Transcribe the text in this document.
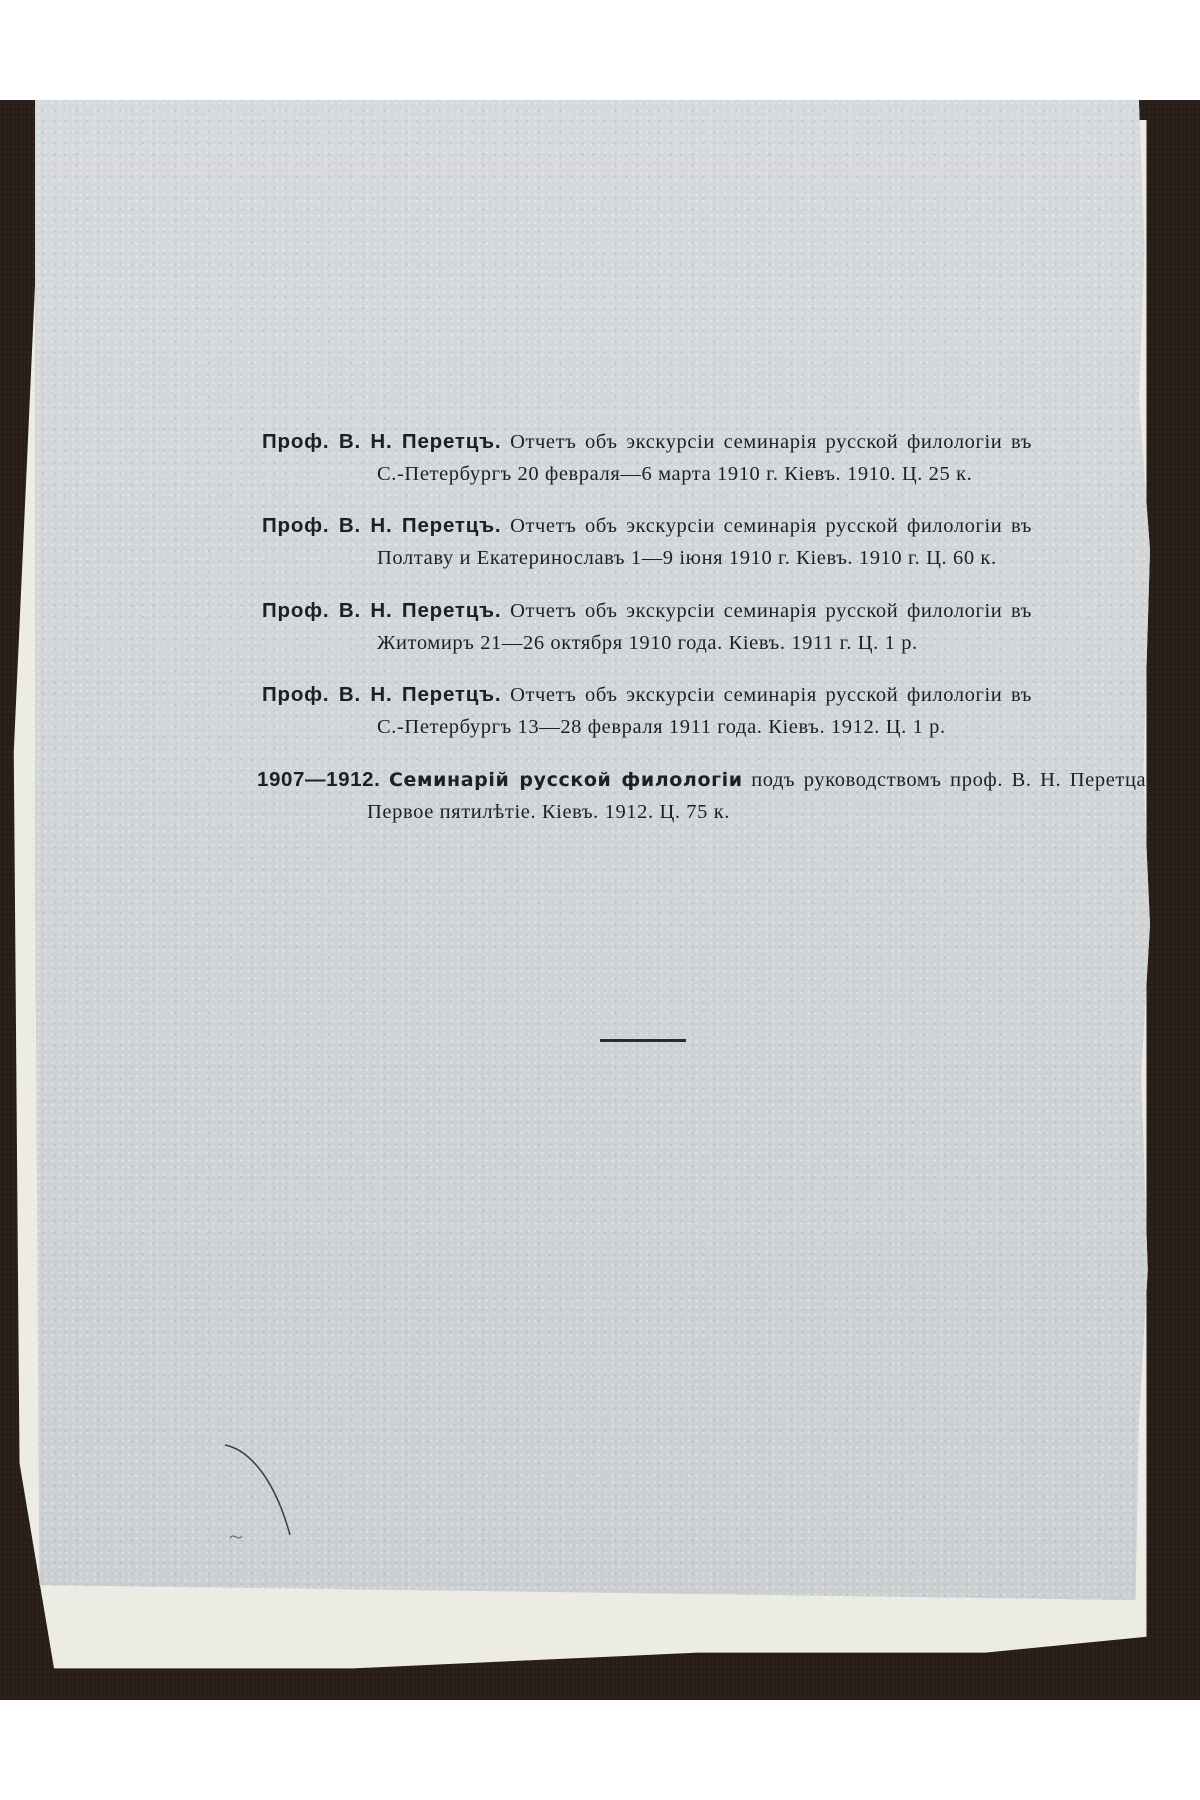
Проф. В. Н. Перетцъ. Отчетъ объ экскурсіи семинарія русской филологіи въ С.-Петербургъ 20 февраля—6 марта 1910 г. Кіевъ. 1910. Ц. 25 к.

Проф. В. Н. Перетцъ. Отчетъ объ экскурсіи семинарія русской филологіи въ Полтаву и Екатеринославъ 1—9 іюня 1910 г. Кіевъ. 1910 г. Ц. 60 к.

Проф. В. Н. Перетцъ. Отчетъ объ экскурсіи семинарія русской филологіи въ Житомиръ 21—26 октября 1910 года. Кіевъ. 1911 г. Ц. 1 р.

Проф. В. Н. Перетцъ. Отчетъ объ экскурсіи семинарія русской филологіи въ С.-Петербургъ 13—28 февраля 1911 года. Кіевъ. 1912. Ц. 1 р.

1907—1912. Семинарій русской филологіи подъ руководствомъ проф. В. Н. Перетца. Первое пятилѣтіе. Кіевъ. 1912. Ц. 75 к.
